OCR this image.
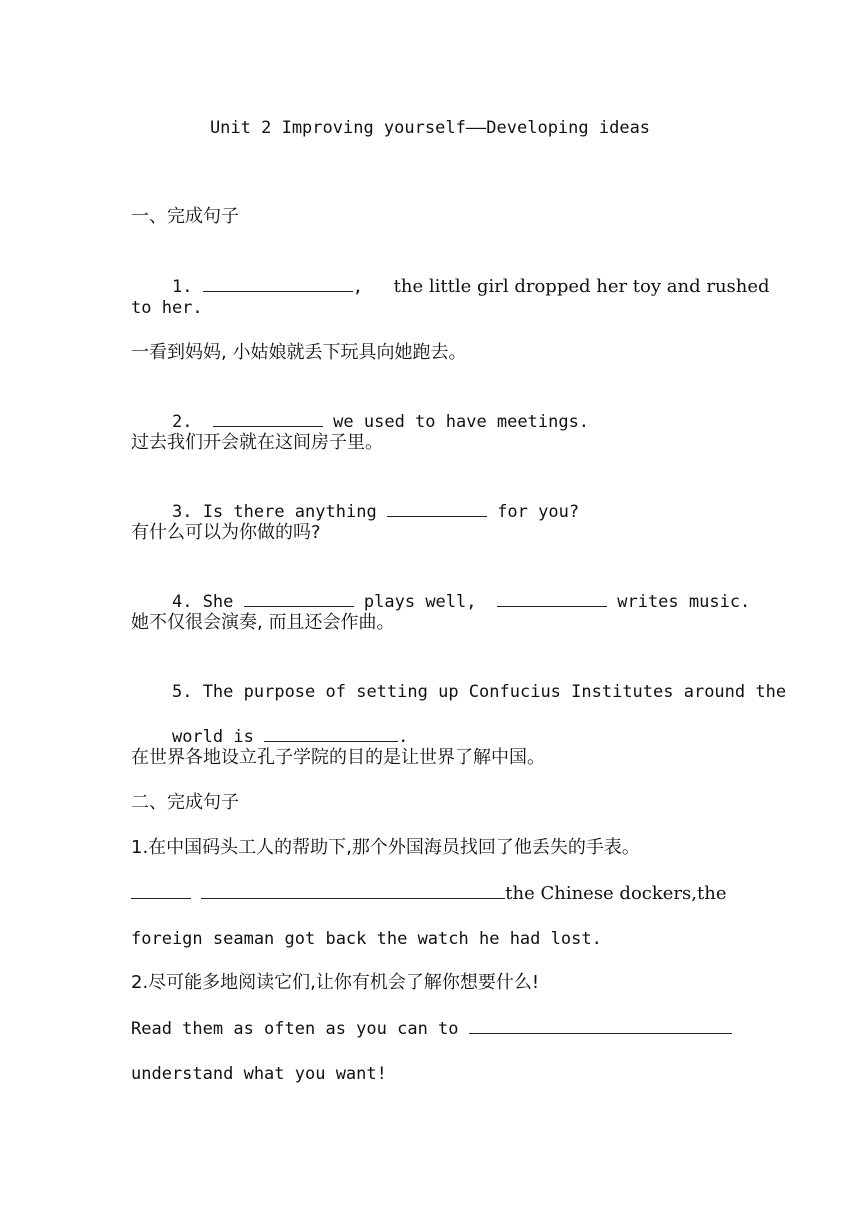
Unit 2 Improving yourself——Developing ideas
一、完成句子

1.	, the little girl dropped her toy and rushed

to her.
一看到妈妈, 小姑娘就丢下玩具向她跑去。

2.	we used to have meetings.

过去我们开会就在这间房子里。

3. Is there anything	for you?

有什么可以为你做的吗?

4. She	plays well,	writes music.

她不仅很会演奏, 而且还会作曲。

5. The purpose of setting up Confucius Institutes around the

world is	.

在世界各地设立孔子学院的目的是让世界了解中国。
二、完成句子
1.在中国码头工人的帮助下,那个外国海员找回了他丢失的手表。
the Chinese dockers,the
foreign seaman got back the watch he had lost.
2.尽可能多地阅读它们,让你有机会了解你想要什么!
Read them as often as you can to
understand what you want!
